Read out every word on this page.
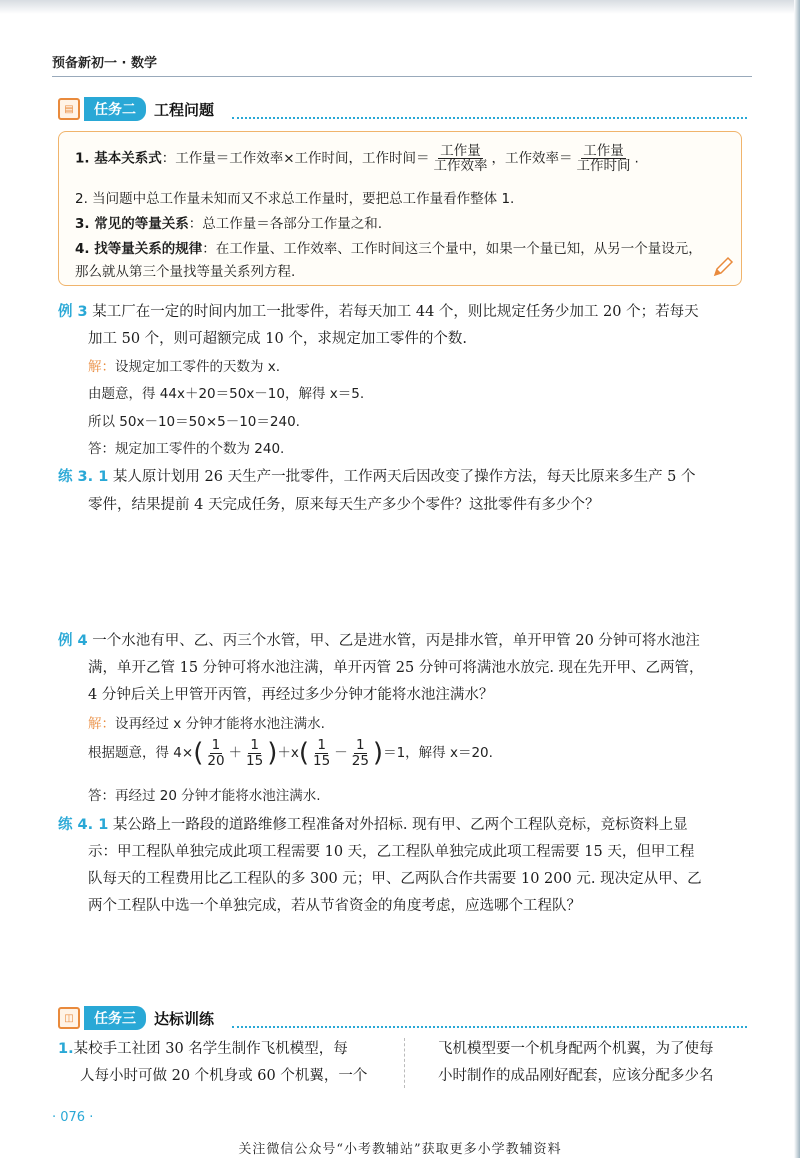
预备新初一 · 数学
▤	任务二	工程问题
1. 基本关系式：工作量＝工作效率×工作时间，工作时间＝ $\frac{\text{工作量}}{\text{工作效率}}$ ，工作效率＝ $\frac{\text{工作量}}{\text{工作时间}}$ .
2. 当问题中总工作量未知而又不求总工作量时，要把总工作量看作整体 1.
3. 常见的等量关系：总工作量＝各部分工作量之和.
4. 找等量关系的规律：在工作量、工作效率、工作时间这三个量中，如果一个量已知，从另一个量设元，
那么就从第三个量找等量关系列方程.
例 3 某工厂在一定的时间内加工一批零件，若每天加工 44 个，则比规定任务少加工 20 个；若每天
加工 50 个，则可超额完成 10 个，求规定加工零件的个数.
解：设规定加工零件的天数为 x.
由题意，得 44x＋20＝50x－10，解得 x＝5.
所以 50x－10＝50×5－10＝240.
答：规定加工零件的个数为 240.
练 3. 1 某人原计划用 26 天生产一批零件，工作两天后因改变了操作方法，每天比原来多生产 5 个
零件，结果提前 4 天完成任务，原来每天生产多少个零件？这批零件有多少个？
例 4 一个水池有甲、乙、丙三个水管，甲、乙是进水管，丙是排水管，单开甲管 20 分钟可将水池注
满，单开乙管 15 分钟可将水池注满，单开丙管 25 分钟可将满池水放完. 现在先开甲、乙两管，
4 分钟后关上甲管开丙管，再经过多少分钟才能将水池注满水？
解：设再经过 x 分钟才能将水池注满水.
根据题意，得 $4\times( \frac{1}{20} + \frac{1}{15} )+x( \frac{1}{15} - \frac{1}{25} )=1$，解得 x＝20.
答：再经过 20 分钟才能将水池注满水.
练 4. 1 某公路上一路段的道路维修工程准备对外招标. 现有甲、乙两个工程队竞标，竞标资料上显
示：甲工程队单独完成此项工程需要 10 天，乙工程队单独完成此项工程需要 15 天，但甲工程
队每天的工程费用比乙工程队的多 300 元；甲、乙两队合作共需要 10 200 元. 现决定从甲、乙
两个工程队中选一个单独完成，若从节省资金的角度考虑，应选哪个工程队？
◫	任务三	达标训练
1.某校手工社团 30 名学生制作飞机模型，每
人每小时可做 20 个机身或 60 个机翼，一个
飞机模型要一个机身配两个机翼，为了使每
小时制作的成品刚好配套，应该分配多少名
· 076 ·
关注微信公众号“小考教辅站”获取更多小学教辅资料
